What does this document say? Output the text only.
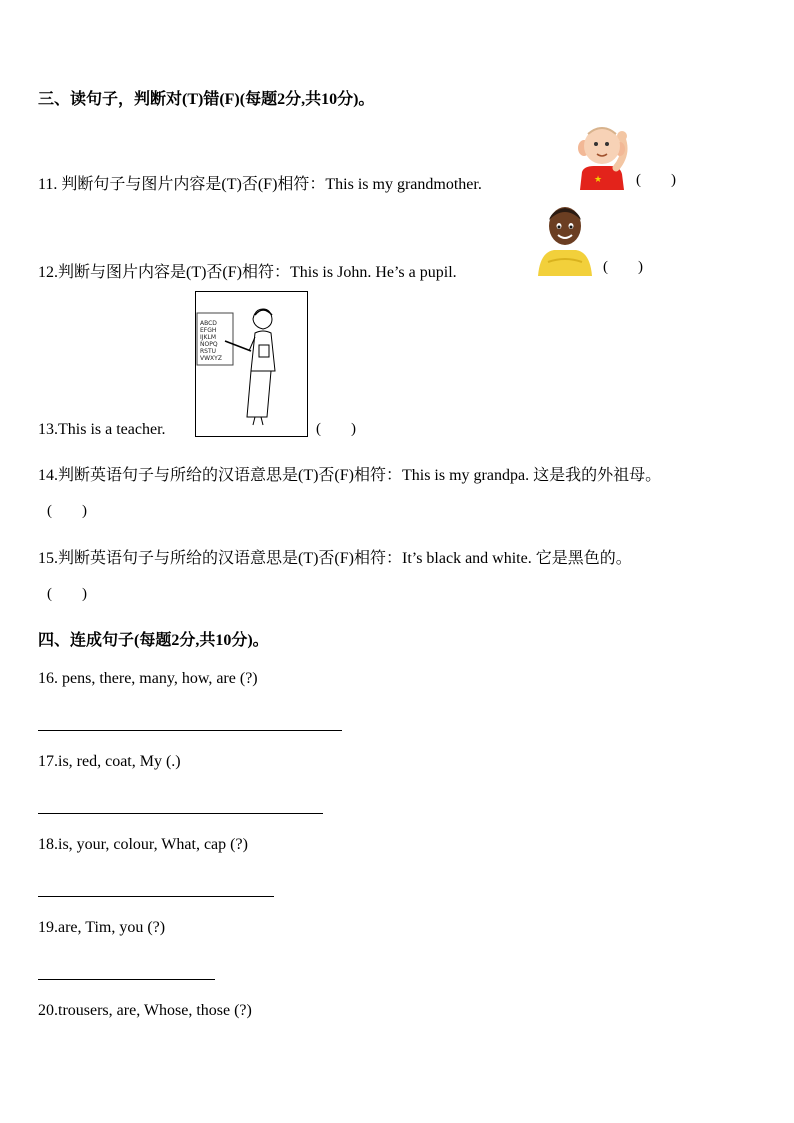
三、读句子，判断对(T)错(F)(每题2分,共10分)。
11. 判断句子与图片内容是(T)否(F)相符：This is my grandmother.	★ (        )
12.判断与图片内容是(T)否(F)相符：This is John. He’s a pupil.	(        )
ABCD
EFGH
IJKLM
NOPQ
RSTU
VWXYZ
13.This is a teacher.	(        )
14.判断英语句子与所给的汉语意思是(T)否(F)相符：This is my grandpa. 这是我的外祖母。
(        )
15.判断英语句子与所给的汉语意思是(T)否(F)相符：It’s black and white. 它是黑色的。
(        )
四、连成句子(每题2分,共10分)。
16. pens, there, many, how, are (?)
17.is, red, coat, My (.)
18.is, your, colour, What, cap (?)
19.are, Tim, you (?)
20.trousers, are, Whose, those (?)
